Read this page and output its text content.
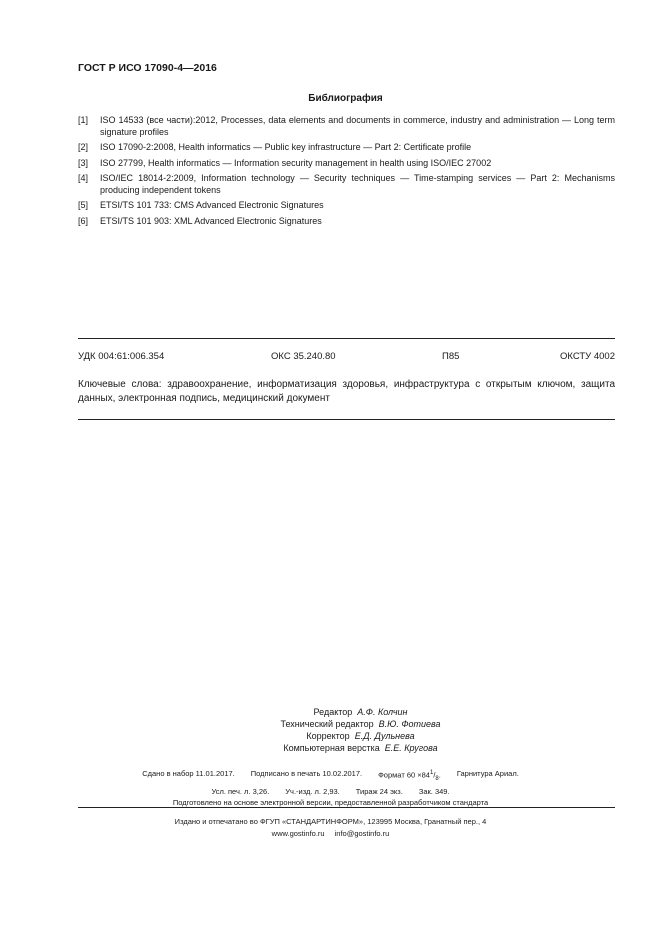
ГОСТ Р ИСО 17090-4—2016
Библиография
[1]	ISO 14533 (все части):2012, Processes, data elements and documents in commerce, industry and administration — Long term signature profiles
[2]	ISO 17090-2:2008, Health informatics — Public key infrastructure — Part 2: Certificate profile
[3]	ISO 27799, Health informatics — Information security management in health using ISO/IEC 27002
[4]	ISO/IEC 18014-2:2009, Information technology — Security techniques — Time-stamping services — Part 2: Mechanisms producing independent tokens
[5]	ETSI/TS 101 733: CMS Advanced Electronic Signatures
[6]	ETSI/TS 101 903: XML Advanced Electronic Signatures
УДК 004:61:006.354	ОКС 35.240.80	П85	ОКСТУ 4002
Ключевые слова: здравоохранение, информатизация здоровья, инфраструктура с открытым ключом, защита данных, электронная подпись, медицинский документ
Редактор А.Ф. Колчин
Технический редактор В.Ю. Фотиева
Корректор Е.Д. Дульнева
Компьютерная верстка Е.Е. Кругова
Сдано в набор 11.01.2017. Подписано в печать 10.02.2017. Формат $60 \times 84^1/_8$. Гарнитура Ариал.
Усл. печ. л. 3,26. Уч.-изд. л. 2,93. Тираж 24 экз. Зак. 349.
Подготовлено на основе электронной версии, предоставленной разработчиком стандарта
Издано и отпечатано во ФГУП «СТАНДАРТИНФОРМ», 123995 Москва, Гранатный пер., 4
www.gostinfo.ru info@gostinfo.ru
